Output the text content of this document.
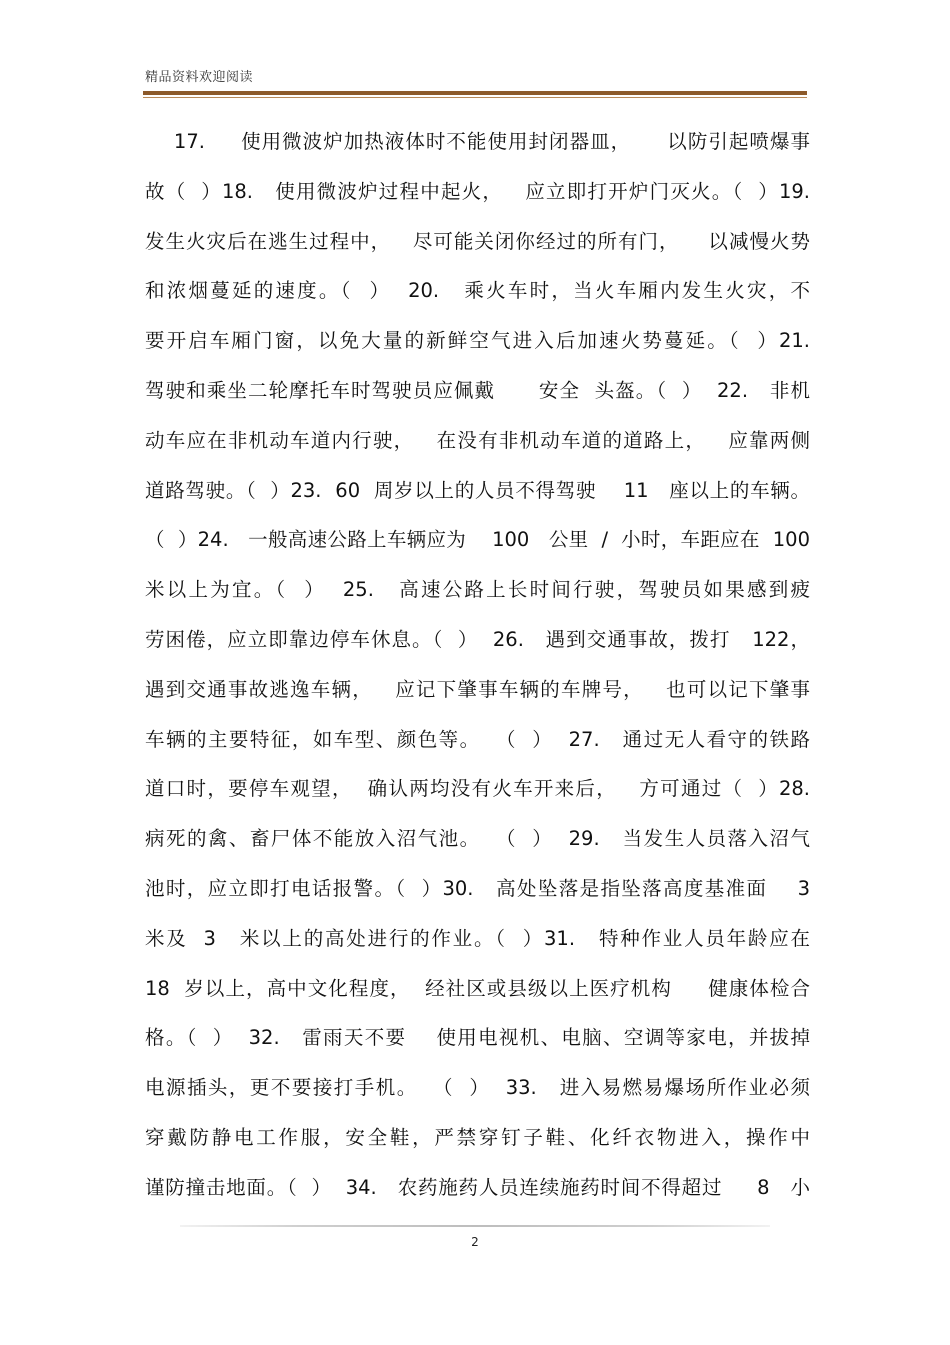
精品资料欢迎阅读
17.     使用微波炉加热液体时不能使用封闭器皿，     以防引起喷爆事
故（  ）18.   使用微波炉过程中起火，   应立即打开炉门灭火。（  ）19.
发生火灾后在逃生过程中，   尽可能关闭你经过的所有门，    以减慢火势
和浓烟蔓延的速度。（  ）  20.   乘火车时，当火车厢内发生火灾，不
要开启车厢门窗，以免大量的新鲜空气进入后加速火势蔓延。（  ）21.
驾驶和乘坐二轮摩托车时驾驶员应佩戴      安全  头盔。（  ）  22.   非机
动车应在非机动车道内行驶，   在没有非机动车道的道路上，   应靠两侧
道路驾驶。（  ）23.  60  周岁以上的人员不得驾驶    11   座以上的车辆。
（  ）24.   一般高速公路上车辆应为    100   公里  /  小时，车距应在  100
米以上为宜。（  ）  25.   高速公路上长时间行驶，驾驶员如果感到疲
劳困倦，应立即靠边停车休息。（  ）  26.   遇到交通事故，拨打   122，
遇到交通事故逃逸车辆，   应记下肇事车辆的车牌号，   也可以记下肇事
车辆的主要特征，如车型、颜色等。  （  ）  27.   通过无人看守的铁路
道口时，要停车观望，  确认两均没有火车开来后，   方可通过（  ）28.
病死的禽、畜尸体不能放入沼气池。  （  ）  29.   当发生人员落入沼气
池时，应立即打电话报警。（  ）30.   高处坠落是指坠落高度基准面    3
米及  3   米以上的高处进行的作业。（  ）31.   特种作业人员年龄应在
18  岁以上，高中文化程度，  经社区或县级以上医疗机构     健康体检合
格。（  ）  32.   雷雨天不要    使用电视机、电脑、空调等家电，并拔掉
电源插头，更不要接打手机。  （  ）  33.   进入易燃易爆场所作业必须
穿戴防静电工作服，安全鞋，严禁穿钉子鞋、化纤衣物进入，操作中
谨防撞击地面。（  ）  34.   农药施药人员连续施药时间不得超过     8   小
2
